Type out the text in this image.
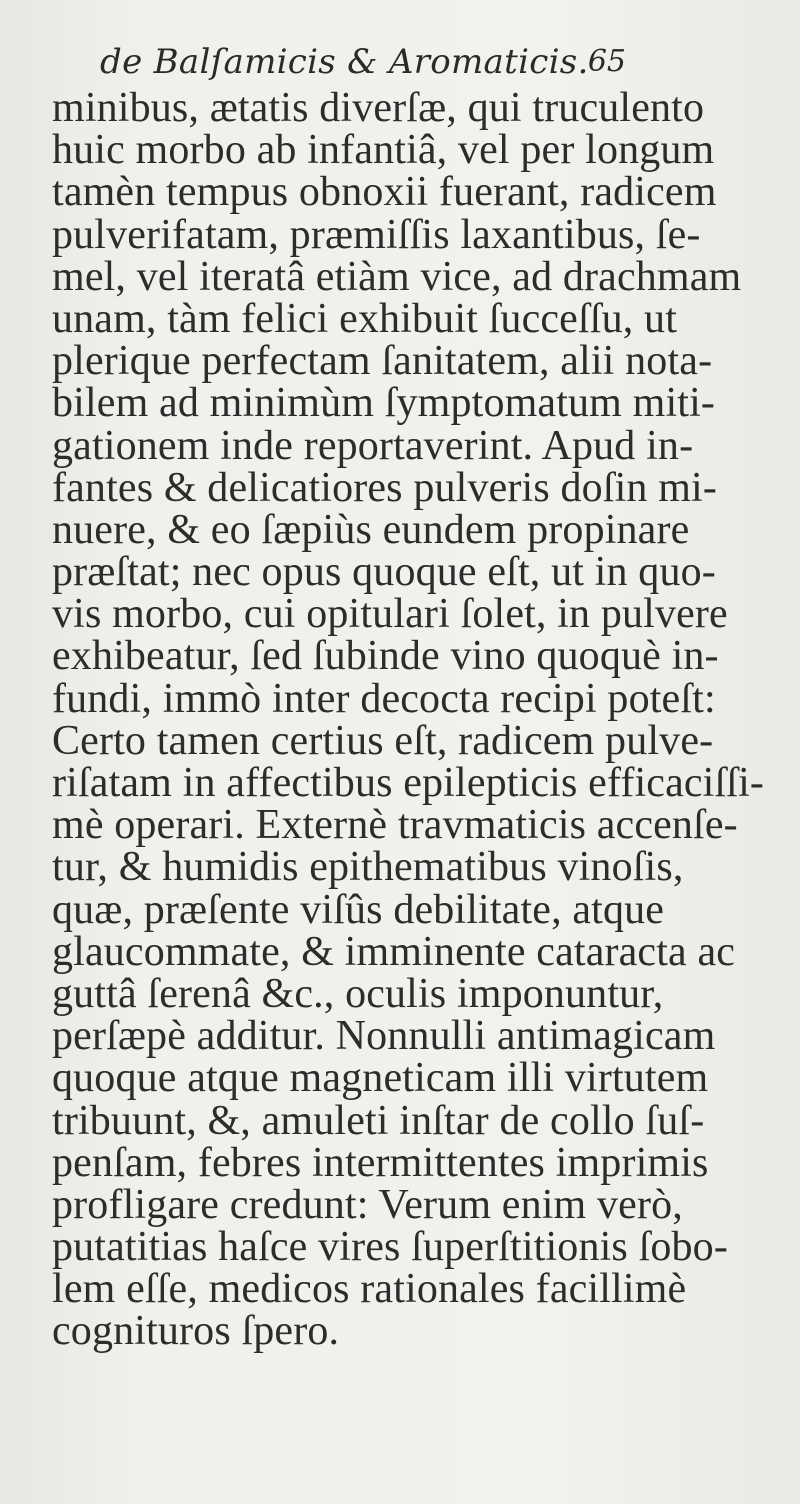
de Balſamicis & Aromaticis. 65
minibus, ætatis diverſæ, qui truculento
huic morbo ab infantiâ, vel per longum
tamèn tempus obnoxii fuerant, radicem
pulverifatam, præmiſſis laxantibus, ſe-
mel, vel iteratâ etiàm vice, ad drachmam
unam, tàm felici exhibuit ſucceſſu, ut
plerique perfectam ſanitatem, alii nota-
bilem ad minimùm ſymptomatum miti-
gationem inde reportaverint. Apud in-
fantes & delicatiores pulveris doſin mi-
nuere, & eo ſæpiùs eundem propinare
præſtat; nec opus quoque eſt, ut in quo-
vis morbo, cui opitulari ſolet, in pulvere
exhibeatur, ſed ſubinde vino quoquè in-
fundi, immò inter decocta recipi poteſt:
Certo tamen certius eſt, radicem pulve-
riſatam in affectibus epilepticis efficaciſſi-
mè operari. Externè travmaticis accenſe-
tur, & humidis epithematibus vinoſis,
quæ, præſente viſûs debilitate, atque
glaucommate, & imminente cataracta ac
guttâ ſerenâ &c., oculis imponuntur,
perſæpè additur. Nonnulli antimagicam
quoque atque magneticam illi virtutem
tribuunt, &, amuleti inſtar de collo ſuſ-
penſam, febres intermittentes imprimis
profligare credunt: Verum enim verò,
putatitias haſce vires ſuperſtitionis ſobo-
lem eſſe, medicos rationales facillimè
cognituros ſpero.
